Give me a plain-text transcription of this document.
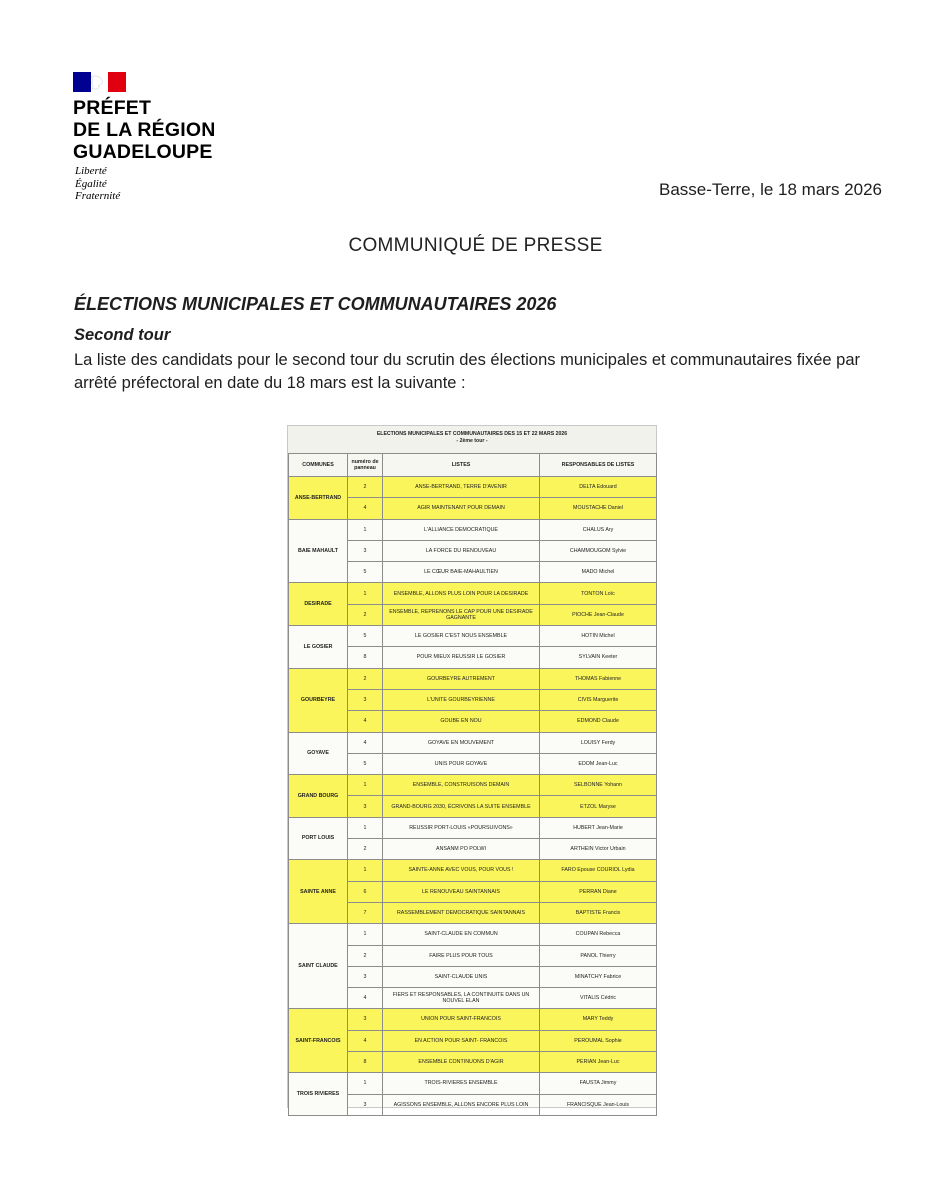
PRÉFET
DE LA RÉGION
GUADELOUPE
Liberté
Égalité
Fraternité	Basse-Terre, le 18 mars 2026
COMMUNIQUÉ DE PRESSE
ÉLECTIONS MUNICIPALES ET COMMUNAUTAIRES 2026
Second tour
La liste des candidats pour le second tour du scrutin des élections municipales et communautaires fixée par arrêté préfectoral en date du 18 mars est la suivante :
ELECTIONS MUNICIPALES ET COMMUNAUTAIRES DES 15 ET 22 MARS 2026
- 2ème tour -
COMMUNES	numéro de panneau	LISTES	RESPONSABLES DE LISTES
ANSE-BERTRAND	2	ANSE-BERTRAND, TERRE D'AVENIR	DELTA Edouard
	4	AGIR MAINTENANT POUR DEMAIN	MOUSTACHE Daniel
BAIE MAHAULT	1	L'ALLIANCE DEMOCRATIQUE	CHALUS Ary
	3	LA FORCE DU RENOUVEAU	CHAMMOUGOM Sylvie
	5	LE CŒUR BAIE-MAHAULTIEN	MADO Michel
DESIRADE	1	ENSEMBLE, ALLONS PLUS LOIN POUR LA DESIRADE	TONTON Loïc
	2	ENSEMBLE, REPRENONS LE CAP POUR UNE DESIRADE GAGNANTE	PIOCHE Jean-Claude
LE GOSIER	5	LE GOSIER C'EST NOUS ENSEMBLE	HOTIN Michel
	8	POUR MIEUX REUSSIR LE GOSIER	SYLVAIN Keeter
GOURBEYRE	2	GOURBEYRE AUTREMENT	THOMAS Fabienne
	3	L'UNITE GOURBEYRIENNE	CIVIS Marguerite
	4	GOUBE EN NOU	EDMOND Claude
GOYAVE	4	GOYAVE EN MOUVEMENT	LOUISY Ferdy
	5	UNIS POUR GOYAVE	EDOM Jean-Luc
GRAND BOURG	1	ENSEMBLE, CONSTRUISONS DEMAIN	SELBONNE Yohann
	3	GRAND-BOURG 2030, ÉCRIVONS LA SUITE ENSEMBLE	ETZOL Maryse
PORT LOUIS	1	REUSSIR PORT-LOUIS «POURSUIVONS»	HUBERT Jean-Marie
	2	ANSANM PO POLWI	ARTHEIN Victor Urbain
SAINTE ANNE	1	SAINTE-ANNE AVEC VOUS, POUR VOUS !	FARO Epouse COURIOL Lydia
	6	LE RENOUVEAU SAINTANNAIS	PERRAN Diane
	7	RASSEMBLEMENT DEMOCRATIQUE SAINTANNAIS	BAPTISTE Francis
SAINT CLAUDE	1	SAINT-CLAUDE EN COMMUN	COUPAN Rebecca
	2	FAIRE PLUS POUR TOUS	PANOL Thierry
	3	SAINT-CLAUDE UNIS	MINATCHY Fabrice
	4	FIERS ET RESPONSABLES, LA CONTINUITE DANS UN NOUVEL ELAN	VITALIS Cédric
SAINT-FRANCOIS	3	UNION POUR SAINT-FRANCOIS	MARY Teddy
	4	EN ACTION POUR SAINT- FRANCOIS	PEROUMAL Sophie
	8	ENSEMBLE CONTINUONS D'AGIR	PERIAN Jean-Luc
TROIS RIVIERES	1	TROIS-RIVIERES ENSEMBLE	FAUSTA Jimmy
	3	AGISSONS ENSEMBLE, ALLONS ENCORE PLUS LOIN	FRANCISQUE Jean-Louis
